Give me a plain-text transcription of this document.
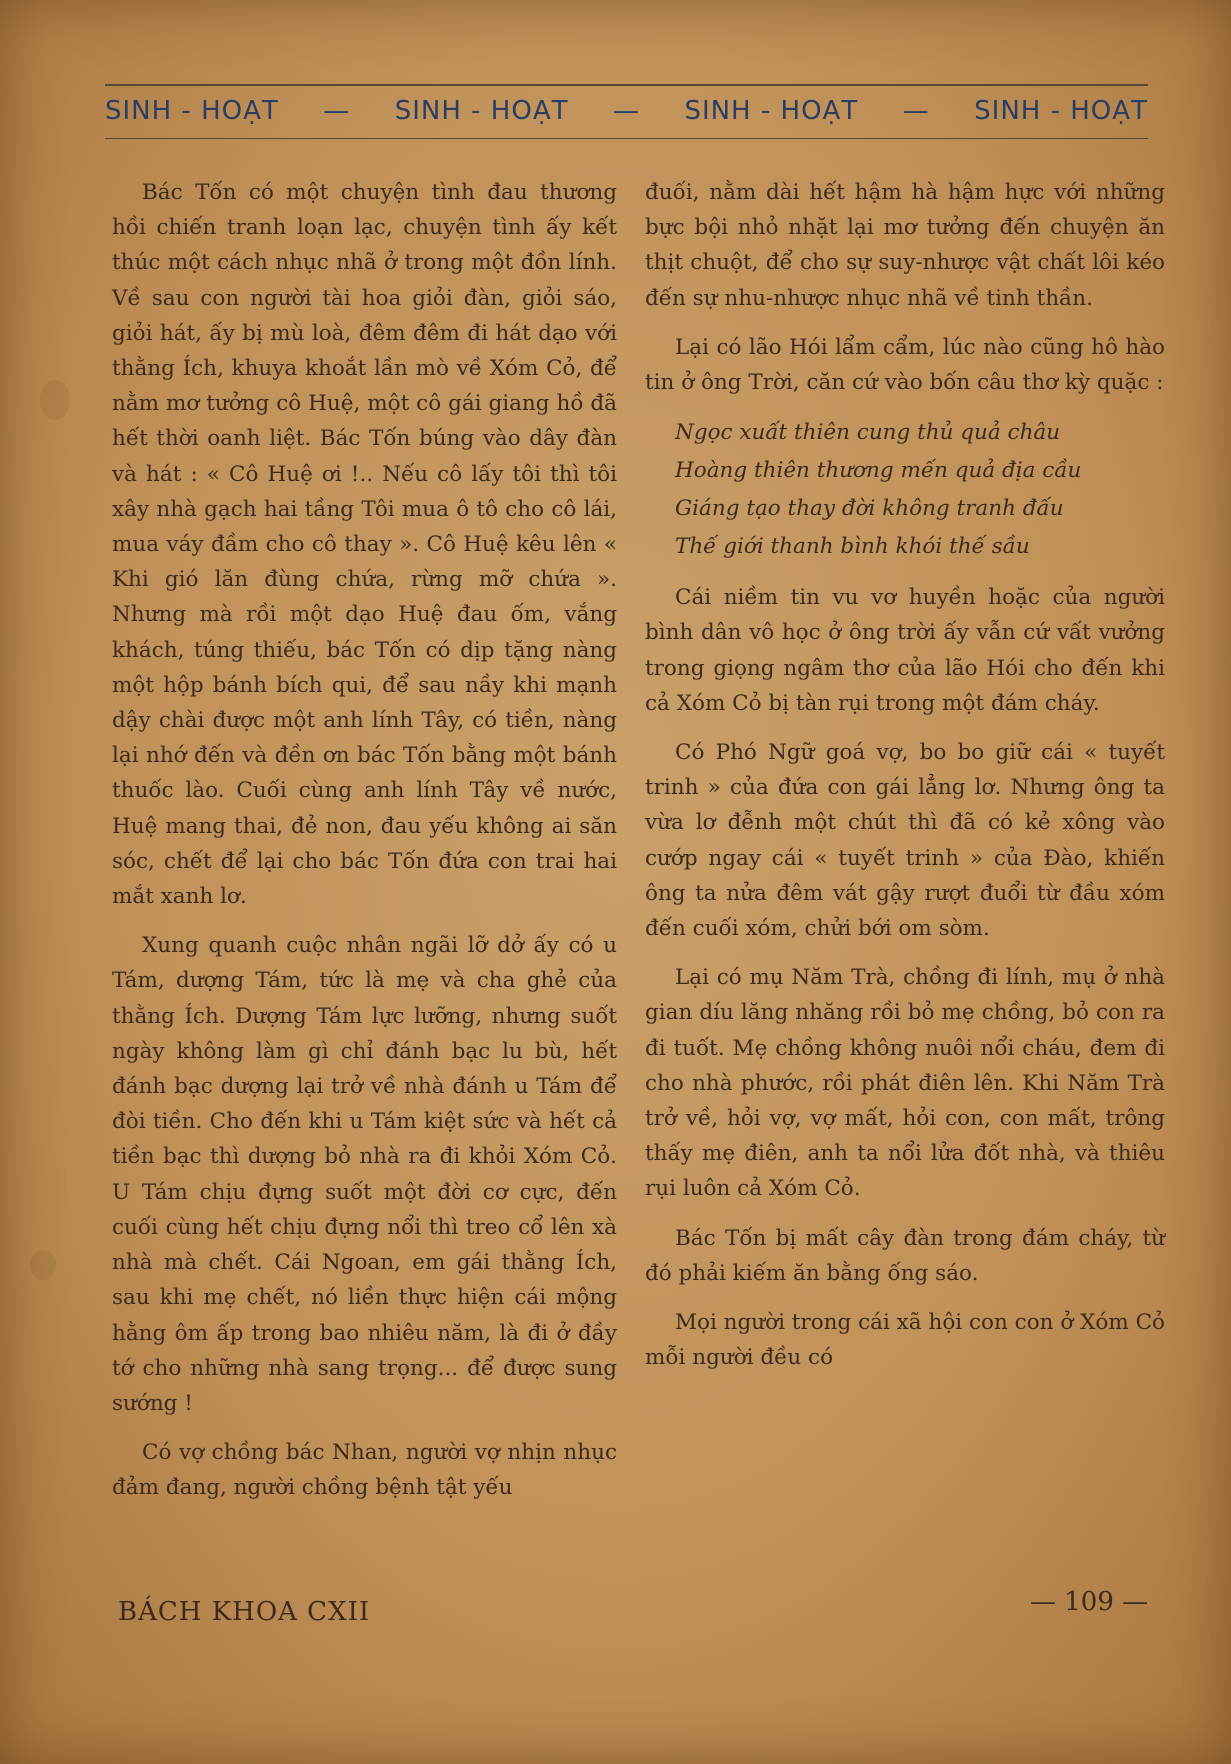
SINH - HOẠT — SINH - HOẠT — SINH - HOẠT — SINH - HOẠT

Bác Tốn có một chuyện tình đau thương hồi chiến tranh loạn lạc, chuyện tình ấy kết thúc một cách nhục nhã ở trong một đồn lính. Về sau con người tài hoa giỏi đàn, giỏi sáo, giỏi hát, ấy bị mù loà, đêm đêm đi hát dạo với thằng Ích, khuya khoắt lần mò về Xóm Cỏ, để nằm mơ tưởng cô Huệ, một cô gái giang hồ đã hết thời oanh liệt. Bác Tốn búng vào dây đàn và hát : « Cô Huệ ơi !.. Nếu cô lấy tôi thì tôi xây nhà gạch hai tầng Tôi mua ô tô cho cô lái, mua váy đầm cho cô thay ». Cô Huệ kêu lên « Khi gió lăn đùng chứa, rừng mỡ chứa ». Nhưng mà rồi một dạo Huệ đau ốm, vắng khách, túng thiếu, bác Tốn có dịp tặng nàng một hộp bánh bích qui, để sau nầy khi mạnh dậy chài được một anh lính Tây, có tiền, nàng lại nhớ đến và đền ơn bác Tốn bằng một bánh thuốc lào. Cuối cùng anh lính Tây về nước, Huệ mang thai, đẻ non, đau yếu không ai săn sóc, chết để lại cho bác Tốn đứa con trai hai mắt xanh lơ.

Xung quanh cuộc nhân ngãi lỡ dở ấy có u Tám, dượng Tám, tức là mẹ và cha ghẻ của thằng Ích. Dượng Tám lực lưỡng, nhưng suốt ngày không làm gì chỉ đánh bạc lu bù, hết đánh bạc dượng lại trở về nhà đánh u Tám để đòi tiền. Cho đến khi u Tám kiệt sức và hết cả tiền bạc thì dượng bỏ nhà ra đi khỏi Xóm Cỏ. U Tám chịu đựng suốt một đời cơ cực, đến cuối cùng hết chịu đựng nổi thì treo cổ lên xà nhà mà chết. Cái Ngoan, em gái thằng Ích, sau khi mẹ chết, nó liền thực hiện cái mộng hằng ôm ấp trong bao nhiêu năm, là đi ở đầy tớ cho những nhà sang trọng... để được sung sướng !

Có vợ chồng bác Nhan, người vợ nhịn nhục đảm đang, người chồng bệnh tật yếu

đuối, nằm dài hết hậm hà hậm hực với những bực bội nhỏ nhặt lại mơ tưởng đến chuyện ăn thịt chuột, để cho sự suy-nhược vật chất lôi kéo đến sự nhu-nhược nhục nhã về tinh thần.

Lại có lão Hói lẩm cẩm, lúc nào cũng hô hào tin ở ông Trời, căn cứ vào bốn câu thơ kỳ quặc :

Ngọc xuất thiên cung thủ quả châu
Hoàng thiên thương mến quả địa cầu
Giáng tạo thay đời không tranh đấu
Thế giới thanh bình khói thế sầu

Cái niềm tin vu vơ huyền hoặc của người bình dân vô học ở ông trời ấy vẫn cứ vất vưởng trong giọng ngâm thơ của lão Hói cho đến khi cả Xóm Cỏ bị tàn rụi trong một đám cháy.

Có Phó Ngữ goá vợ, bo bo giữ cái « tuyết trinh » của đứa con gái lẳng lơ. Nhưng ông ta vừa lơ đễnh một chút thì đã có kẻ xông vào cướp ngay cái « tuyết trinh » của Đào, khiến ông ta nửa đêm vát gậy rượt đuổi từ đầu xóm đến cuối xóm, chửi bới om sòm.

Lại có mụ Năm Trà, chồng đi lính, mụ ở nhà gian díu lăng nhăng rồi bỏ mẹ chồng, bỏ con ra đi tuốt. Mẹ chồng không nuôi nổi cháu, đem đi cho nhà phước, rồi phát điên lên. Khi Năm Trà trở về, hỏi vợ, vợ mất, hỏi con, con mất, trông thấy mẹ điên, anh ta nổi lửa đốt nhà, và thiêu rụi luôn cả Xóm Cỏ.

Bác Tốn bị mất cây đàn trong đám cháy, từ đó phải kiếm ăn bằng ống sáo.

Mọi người trong cái xã hội con con ở Xóm Cỏ mỗi người đều có

BÁCH KHOA CXII	— 109 —
